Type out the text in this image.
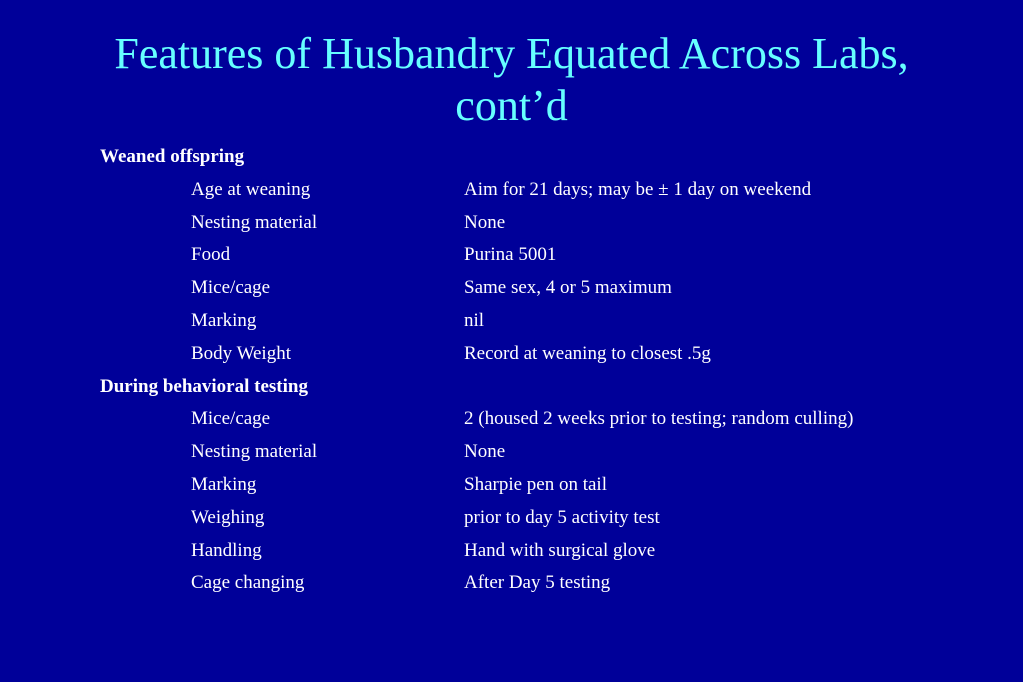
Features of Husbandry Equated Across Labs,
cont’d
Weaned offspring
Age at weaning	Aim for 21 days; may be ± 1 day on weekend
Nesting material	None
Food	Purina 5001
Mice/cage	Same sex, 4 or 5 maximum
Marking	nil
Body Weight	Record at weaning to closest .5g
During behavioral testing
Mice/cage	2 (housed 2 weeks prior to testing; random culling)
Nesting material	None
Marking	Sharpie pen on tail
Weighing	prior to day 5 activity test
Handling	Hand with surgical glove
Cage changing	After Day 5 testing
